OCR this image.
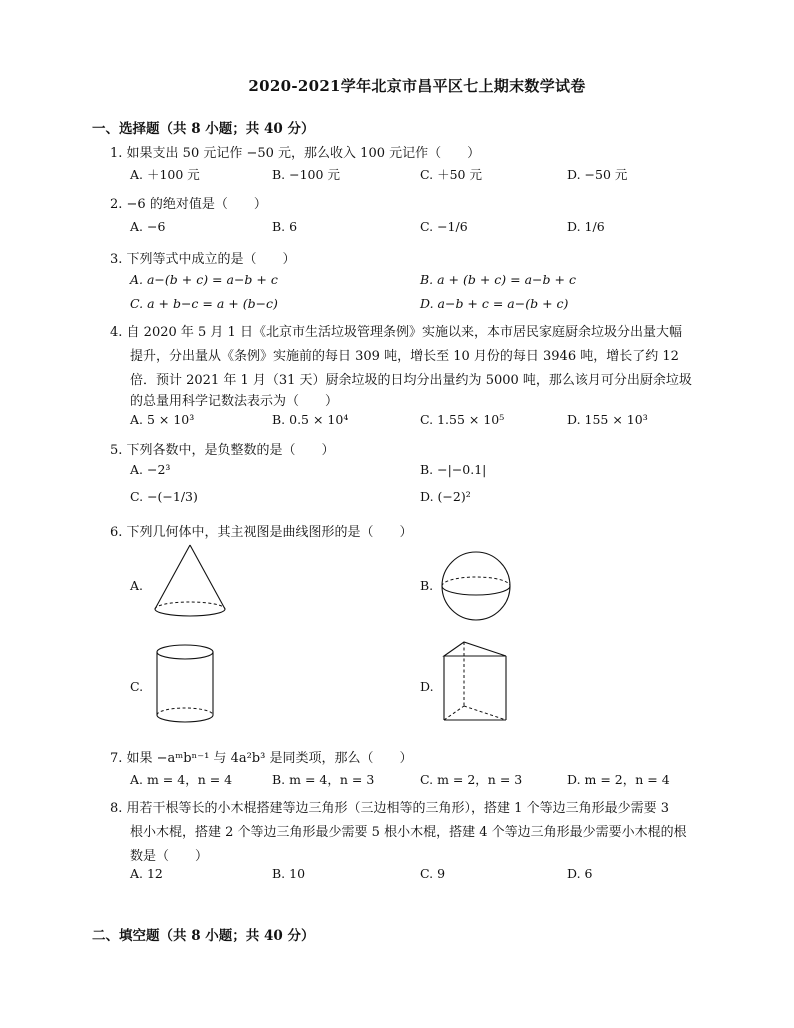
2020-2021学年北京市昌平区七上期末数学试卷
一、选择题（共 8 小题；共 40 分）
1. 如果支出 50 元记作 −50 元，那么收入 100 元记作（　　）
A. ＋100 元	B. −100 元	C. ＋50 元	D. −50 元
2. −6 的绝对值是（　　）
A. −6	B. 6	C. −1/6	D. 1/6
3. 下列等式中成立的是（　　）
A. a−(b + c) = a−b + c	B. a + (b + c) = a−b + c
C. a + b−c = a + (b−c)	D. a−b + c = a−(b + c)
4. 自 2020 年 5 月 1 日《北京市生活垃圾管理条例》实施以来，本市居民家庭厨余垃圾分出量大幅
提升，分出量从《条例》实施前的每日 309 吨，增长至 10 月份的每日 3946 吨，增长了约 12
倍．预计 2021 年 1 月（31 天）厨余垃圾的日均分出量约为 5000 吨，那么该月可分出厨余垃圾
的总量用科学记数法表示为（　　）
A. 5 × 10³	B. 0.5 × 10⁴	C. 1.55 × 10⁵	D. 155 × 10³
5. 下列各数中，是负整数的是（　　）
A. −2³	B. −|−0.1|
C. −(−1/3)	D. (−2)²
6. 下列几何体中，其主视图是曲线图形的是（　　）
A.	B.
C.	D.
7. 如果 −aᵐbⁿ⁻¹ 与 4a²b³ 是同类项，那么（　　）
A. m = 4，n = 4	B. m = 4，n = 3	C. m = 2，n = 3	D. m = 2，n = 4
8. 用若干根等长的小木棍搭建等边三角形（三边相等的三角形），搭建 1 个等边三角形最少需要 3
根小木棍，搭建 2 个等边三角形最少需要 5 根小木棍，搭建 4 个等边三角形最少需要小木棍的根
数是（　　）
A. 12	B. 10	C. 9	D. 6
二、填空题（共 8 小题；共 40 分）
